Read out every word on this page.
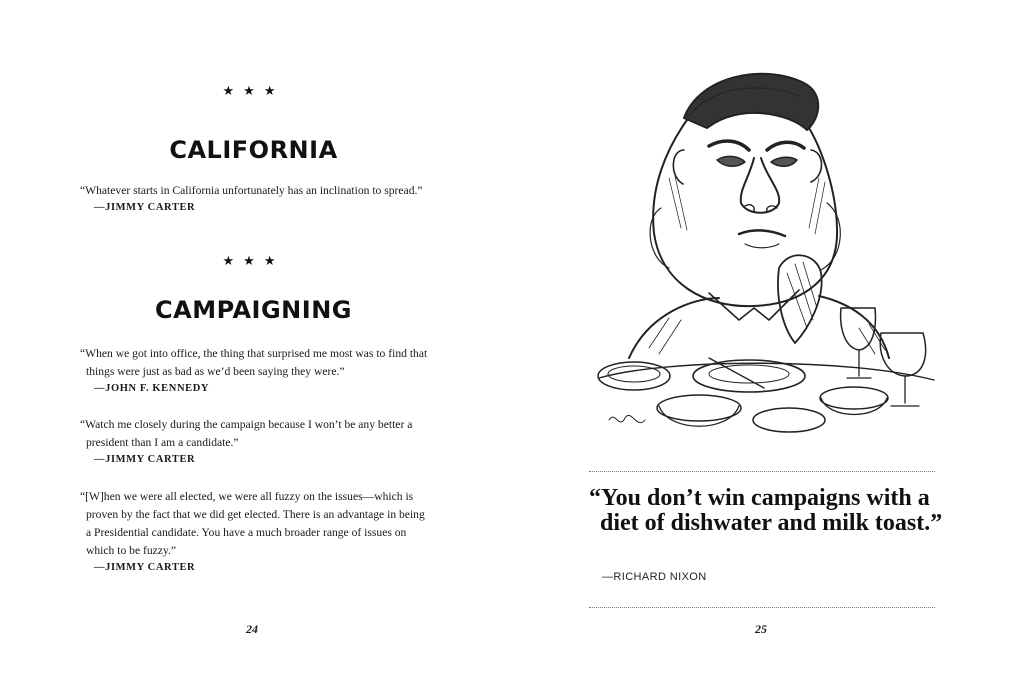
★★★
CALIFORNIA

“Whatever starts in California unfortunately has an inclination to spread.”

—JIMMY CARTER
★★★
CAMPAIGNING

“When we got into office, the thing that surprised me most was to find that things were just as bad as we’d been saying they were.”

—JOHN F. KENNEDY

“Watch me closely during the campaign because I won’t be any better a president than I am a candidate.”

—JIMMY CARTER

“[W]hen we were all elected, we were all fuzzy on the issues—which is proven by the fact that we did get elected. There is an advantage in being a Presidential candidate. You have a much broader range of issues on which to be fuzzy.”

—JIMMY CARTER
24

“You don’t win campaigns with a diet of dishwater and milk toast.”

—RICHARD NIXON
25
